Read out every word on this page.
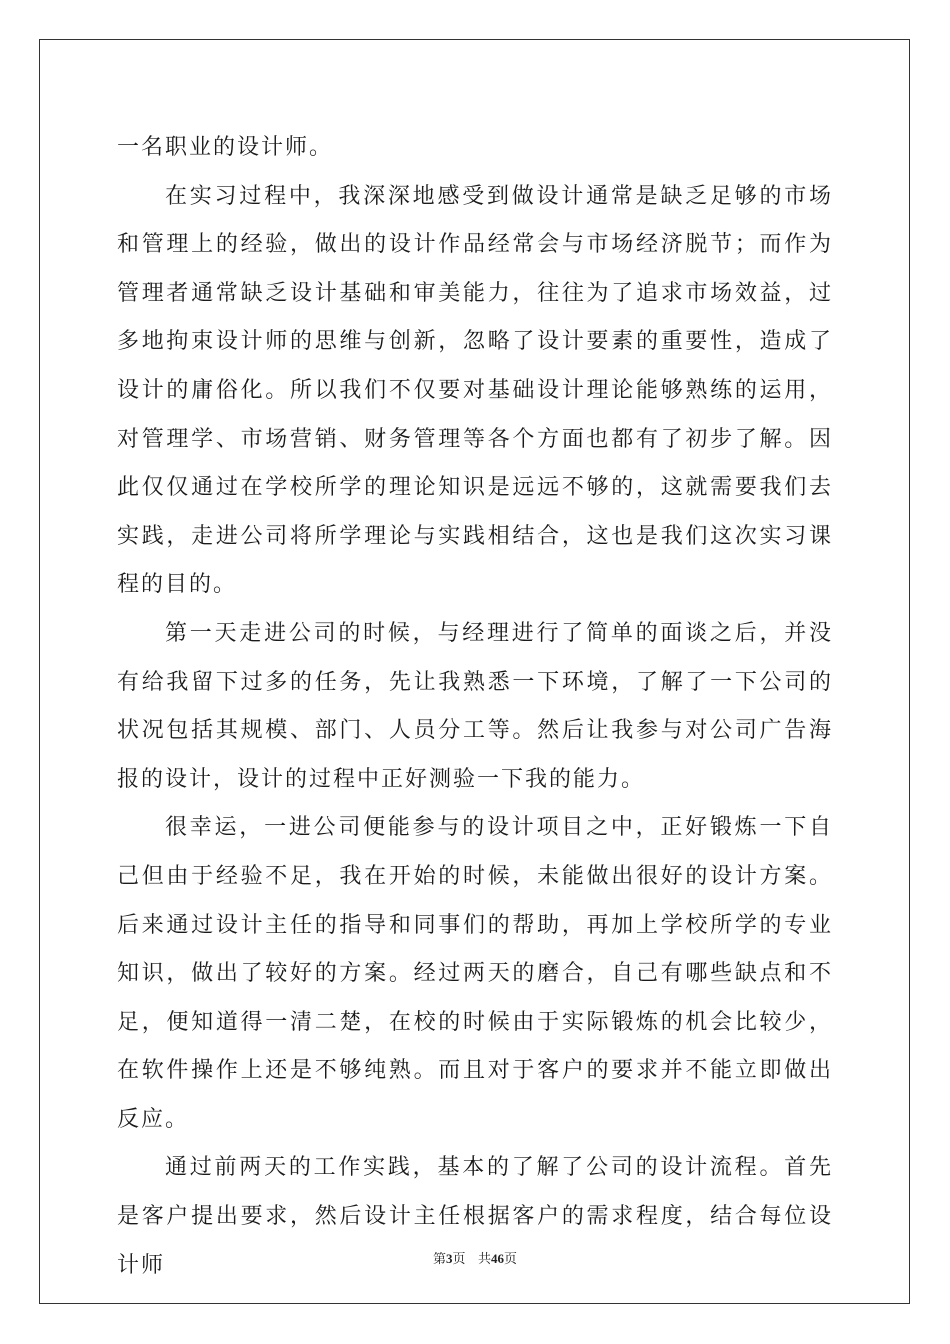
一名职业的设计师。

在实习过程中，我深深地感受到做设计通常是缺乏足够的市场和管理上的经验，做出的设计作品经常会与市场经济脱节；而作为管理者通常缺乏设计基础和审美能力，往往为了追求市场效益，过多地拘束设计师的思维与创新，忽略了设计要素的重要性，造成了设计的庸俗化。所以我们不仅要对基础设计理论能够熟练的运用，对管理学、市场营销、财务管理等各个方面也都有了初步了解。因此仅仅通过在学校所学的理论知识是远远不够的，这就需要我们去实践，走进公司将所学理论与实践相结合，这也是我们这次实习课程的目的。

第一天走进公司的时候，与经理进行了简单的面谈之后，并没有给我留下过多的任务，先让我熟悉一下环境，了解了一下公司的状况包括其规模、部门、人员分工等。然后让我参与对公司广告海报的设计，设计的过程中正好测验一下我的能力。

很幸运，一进公司便能参与的设计项目之中，正好锻炼一下自己但由于经验不足，我在开始的时候，未能做出很好的设计方案。后来通过设计主任的指导和同事们的帮助，再加上学校所学的专业知识，做出了较好的方案。经过两天的磨合，自己有哪些缺点和不足，便知道得一清二楚，在校的时候由于实际锻炼的机会比较少，在软件操作上还是不够纯熟。而且对于客户的要求并不能立即做出反应。

通过前两天的工作实践，基本的了解了公司的设计流程。首先是客户提出要求，然后设计主任根据客户的需求程度，结合每位设计师	第3页 共46页
